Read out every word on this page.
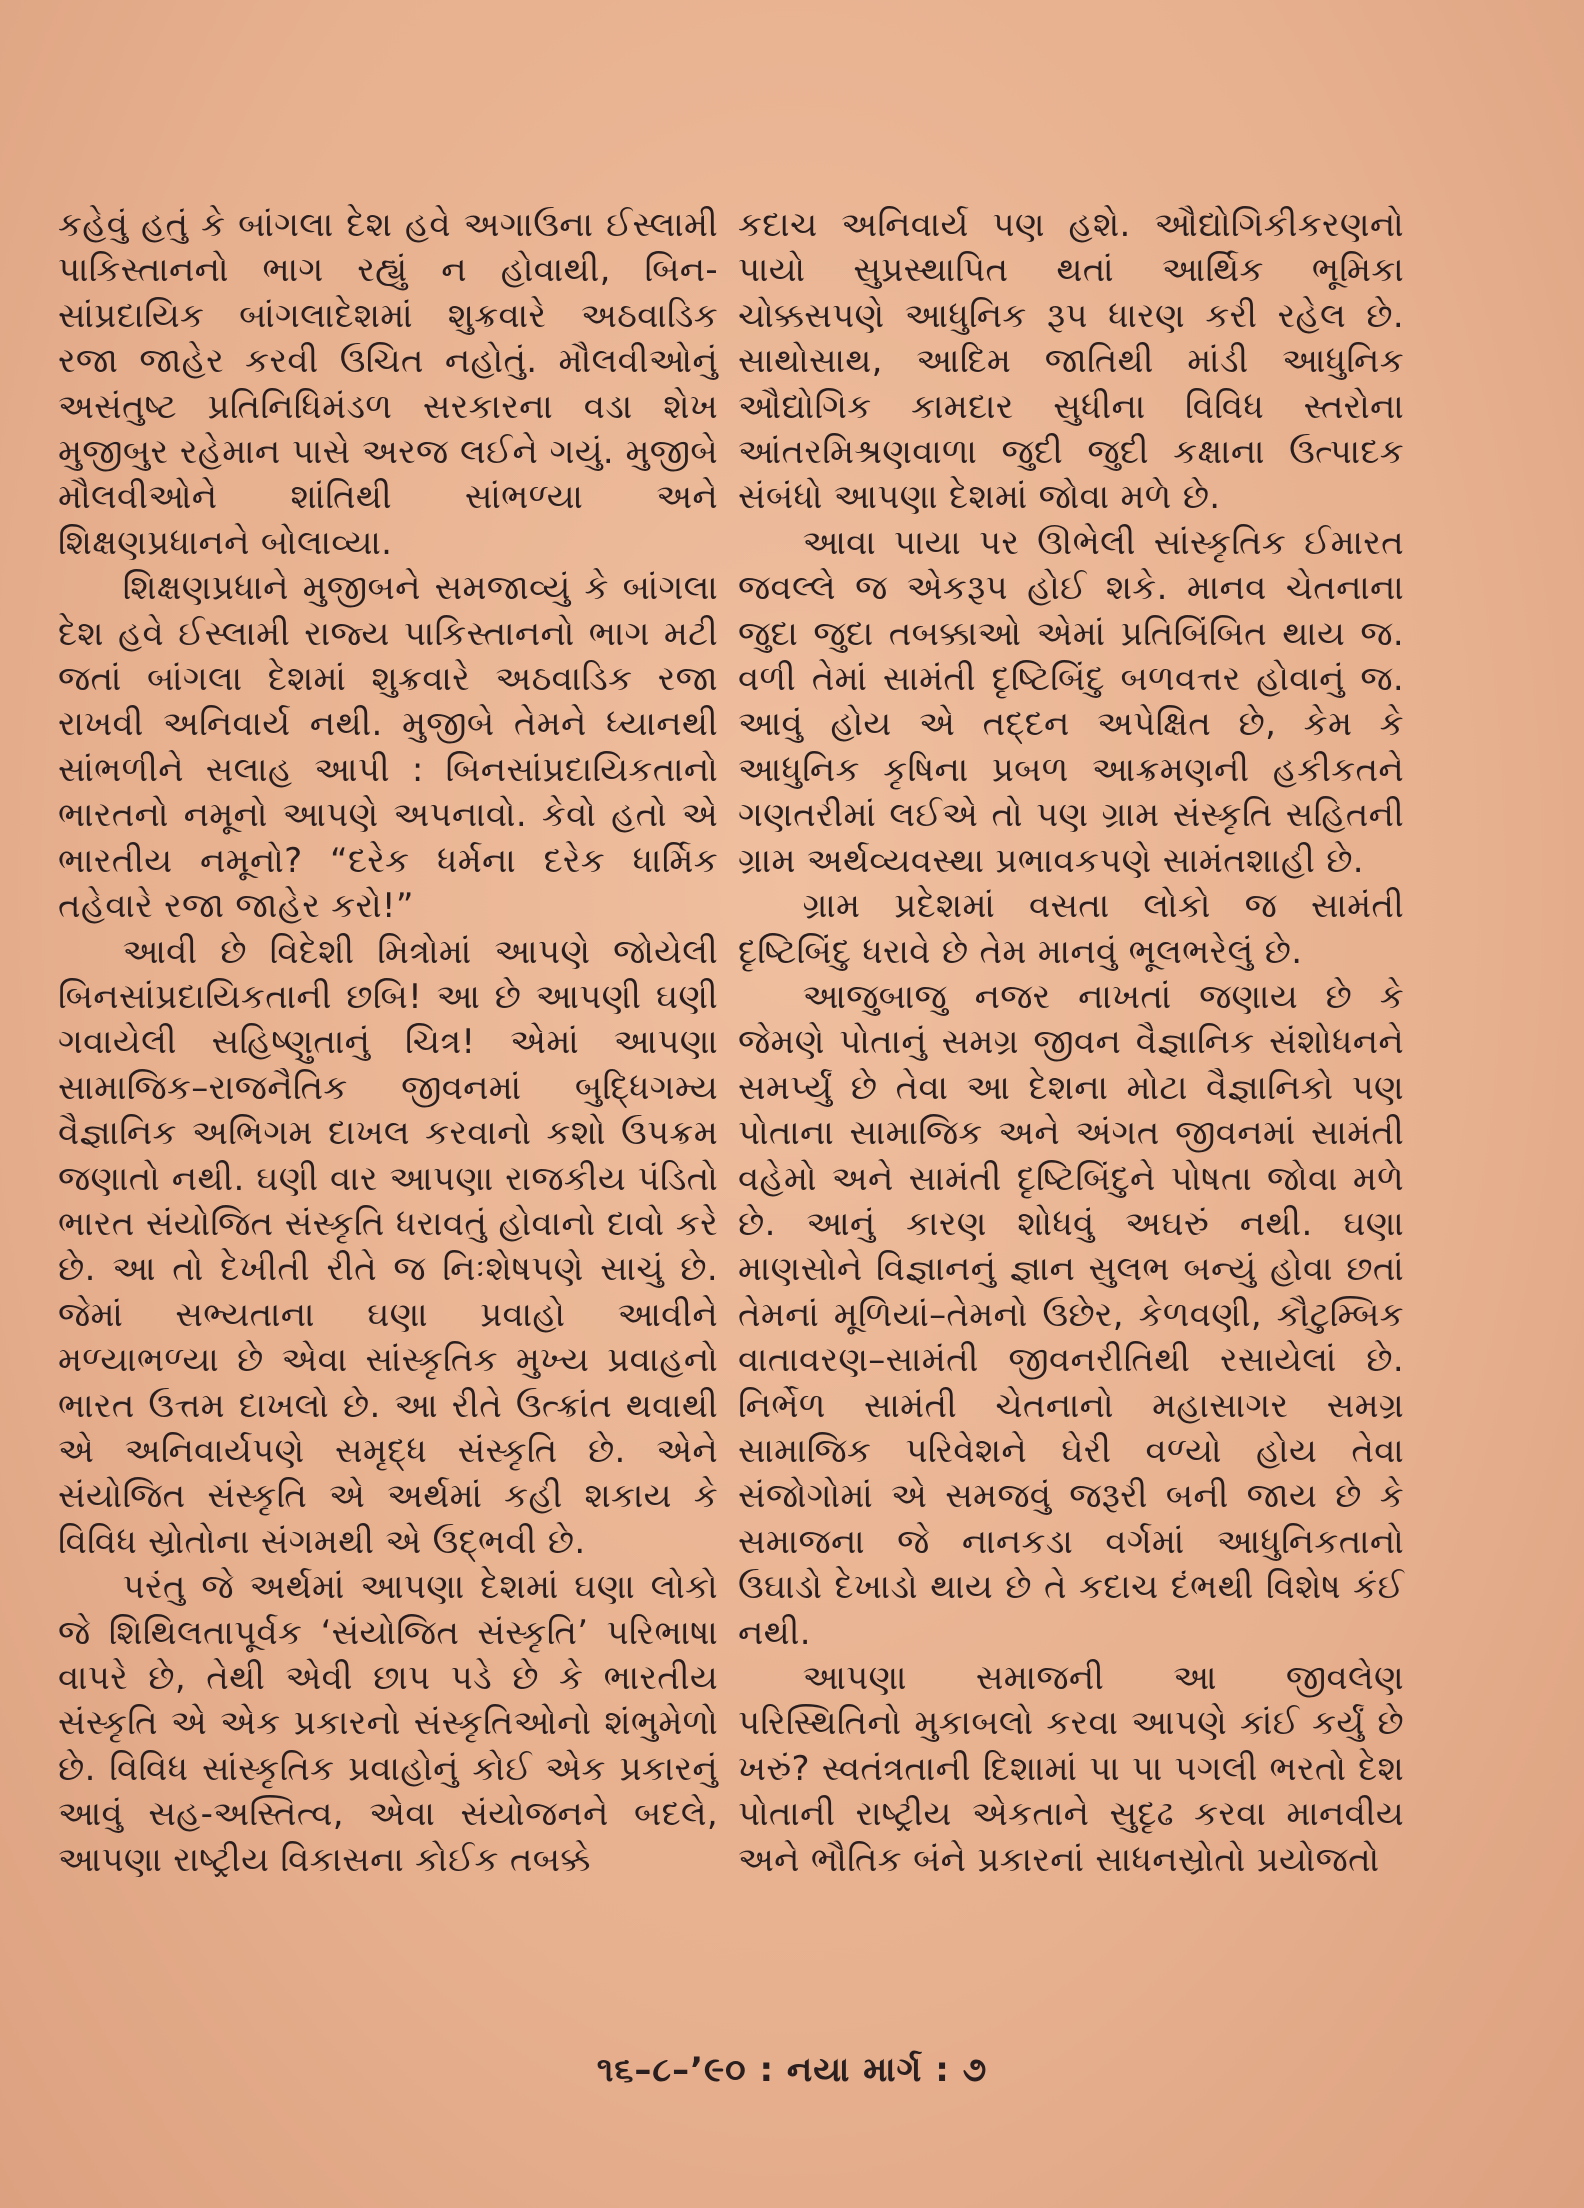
કહેવું હતું કે બાંગલા દેશ હવે અગાઉના ઈસ્લામી પાકિસ્તાનનો ભાગ રહ્યું ન હોવાથી, બિન-સાંપ્રદાયિક બાંગલાદેશમાં શુક્રવારે અઠવાડિક રજા જાહેર કરવી ઉચિત નહોતું. મૌલવીઓનું અસંતુષ્ટ પ્રતિનિધિમંડળ સરકારના વડા શેખ મુજીબુર રહેમાન પાસે અરજ લઈને ગયું. મુજીબે મૌલવીઓને શાંતિથી સાંભળ્યા અને શિક્ષણપ્રધાનને બોલાવ્યા.

શિક્ષણપ્રધાને મુજીબને સમજાવ્યું કે બાંગલા દેશ હવે ઈસ્લામી રાજ્ય પાકિસ્તાનનો ભાગ મટી જતાં બાંગલા દેશમાં શુક્રવારે અઠવાડિક રજા રાખવી અનિવાર્ય નથી. મુજીબે તેમને ધ્યાનથી સાંભળીને સલાહ આપી : બિનસાંપ્રદાયિકતાનો ભારતનો નમૂનો આપણે અપનાવો. કેવો હતો એ ભારતીય નમૂનો? “દરેક ધર્મના દરેક ધાર્મિક તહેવારે રજા જાહેર કરો!”

આવી છે વિદેશી મિત્રોમાં આપણે જોયેલી બિનસાંપ્રદાયિકતાની છબિ! આ છે આપણી ઘણી ગવાયેલી સહિષ્ણુતાનું ચિત્ર! એમાં આપણા સામાજિક–રાજનૈતિક જીવનમાં બુદ્ધિગમ્ય વૈજ્ઞાનિક અભિગમ દાખલ કરવાનો કશો ઉપક્રમ જણાતો નથી. ઘણી વાર આપણા રાજકીય પંડિતો ભારત સંયોજિત સંસ્કૃતિ ધરાવતું હોવાનો દાવો કરે છે. આ તો દેખીતી રીતે જ નિઃશેષપણે સાચું છે. જેમાં સભ્યતાના ઘણા પ્રવાહો આવીને મળ્યાભળ્યા છે એવા સાંસ્કૃતિક મુખ્ય પ્રવાહનો ભારત ઉત્તમ દાખલો છે. આ રીતે ઉત્ક્રાંત થવાથી એ અનિવાર્યપણે સમૃદ્ધ સંસ્કૃતિ છે. એને સંયોજિત સંસ્કૃતિ એ અર્થમાં કહી શકાય કે વિવિધ સ્રોતોના સંગમથી એ ઉદ્‌ભવી છે.

પરંતુ જે અર્થમાં આપણા દેશમાં ઘણા લોકો જે શિથિલતાપૂર્વક ‘સંયોજિત સંસ્કૃતિ’ પરિભાષા વાપરે છે, તેથી એવી છાપ પડે છે કે ભારતીય સંસ્કૃતિ એ એક પ્રકારનો સંસ્કૃતિઓનો શંભુમેળો છે. વિવિધ સાંસ્કૃતિક પ્રવાહોનું કોઈ એક પ્રકારનું આવું સહ-અસ્તિત્વ, એવા સંયોજનને બદલે, આપણા રાષ્ટ્રીય વિકાસના કોઈક તબક્કે

કદાચ અનિવાર્ય પણ હશે. ઔદ્યોગિકીકરણનો પાયો સુપ્રસ્થાપિત થતાં આર્થિક ભૂમિકા ચોક્કસપણે આધુનિક રૂપ ધારણ કરી રહેલ છે. સાથોસાથ, આદિમ જાતિથી માંડી આધુનિક ઔદ્યોગિક કામદાર સુધીના વિવિધ સ્તરોના આંતરમિશ્રણવાળા જુદી જુદી કક્ષાના ઉત્પાદક સંબંધો આપણા દેશમાં જોવા મળે છે.

આવા પાયા પર ઊભેલી સાંસ્કૃતિક ઈમારત જવલ્લે જ એકરૂપ હોઈ શકે. માનવ ચેતનાના જુદા જુદા તબક્કાઓ એમાં પ્રતિબિંબિત થાય જ. વળી તેમાં સામંતી દૃષ્ટિબિંદુ બળવત્તર હોવાનું જ. આવું હોય એ તદ્દન અપેક્ષિત છે, કેમ કે આધુનિક કૃષિના પ્રબળ આક્રમણની હકીકતને ગણતરીમાં લઈએ તો પણ ગ્રામ સંસ્કૃતિ સહિતની ગ્રામ અર્થવ્યવસ્થા પ્રભાવકપણે સામંતશાહી છે.

ગ્રામ પ્રદેશમાં વસતા લોકો જ સામંતી દૃષ્ટિબિંદુ ધરાવે છે તેમ માનવું ભૂલભરેલું છે.

આજુબાજુ નજર નાખતાં જણાય છે કે જેમણે પોતાનું સમગ્ર જીવન વૈજ્ઞાનિક સંશોધનને સમર્પ્યું છે તેવા આ દેશના મોટા વૈજ્ઞાનિકો પણ પોતાના સામાજિક અને અંગત જીવનમાં સામંતી વહેમો અને સામંતી દૃષ્ટિબિંદુને પોષતા જોવા મળે છે. આનું કારણ શોધવું અઘરું નથી. ઘણા માણસોને વિજ્ઞાનનું જ્ઞાન સુલભ બન્યું હોવા છતાં તેમનાં મૂળિયાં–તેમનો ઉછેર, કેળવણી, કૌટુમ્બિક વાતાવરણ–સામંતી જીવનરીતિથી રસાયેલાં છે. નિર્ભેળ સામંતી ચેતનાનો મહાસાગર સમગ્ર સામાજિક પરિવેશને ઘેરી વળ્યો હોય તેવા સંજોગોમાં એ સમજવું જરૂરી બની જાય છે કે સમાજના જે નાનકડા વર્ગમાં આધુનિકતાનો ઉઘાડો દેખાડો થાય છે તે કદાચ દંભથી વિશેષ કંઈ નથી.

આપણા સમાજની આ જીવલેણ પરિસ્થિતિનો મુકાબલો કરવા આપણે કાંઈ કર્યું છે ખરું? સ્વતંત્રતાની દિશામાં પા પા પગલી ભરતો દેશ પોતાની રાષ્ટ્રીય એકતાને સુદૃઢ કરવા માનવીય અને ભૌતિક બંને પ્રકારનાં સાધનસ્રોતો પ્રયોજતો

૧૬–૮–’૯૦ : નયા માર્ગ : ૭
